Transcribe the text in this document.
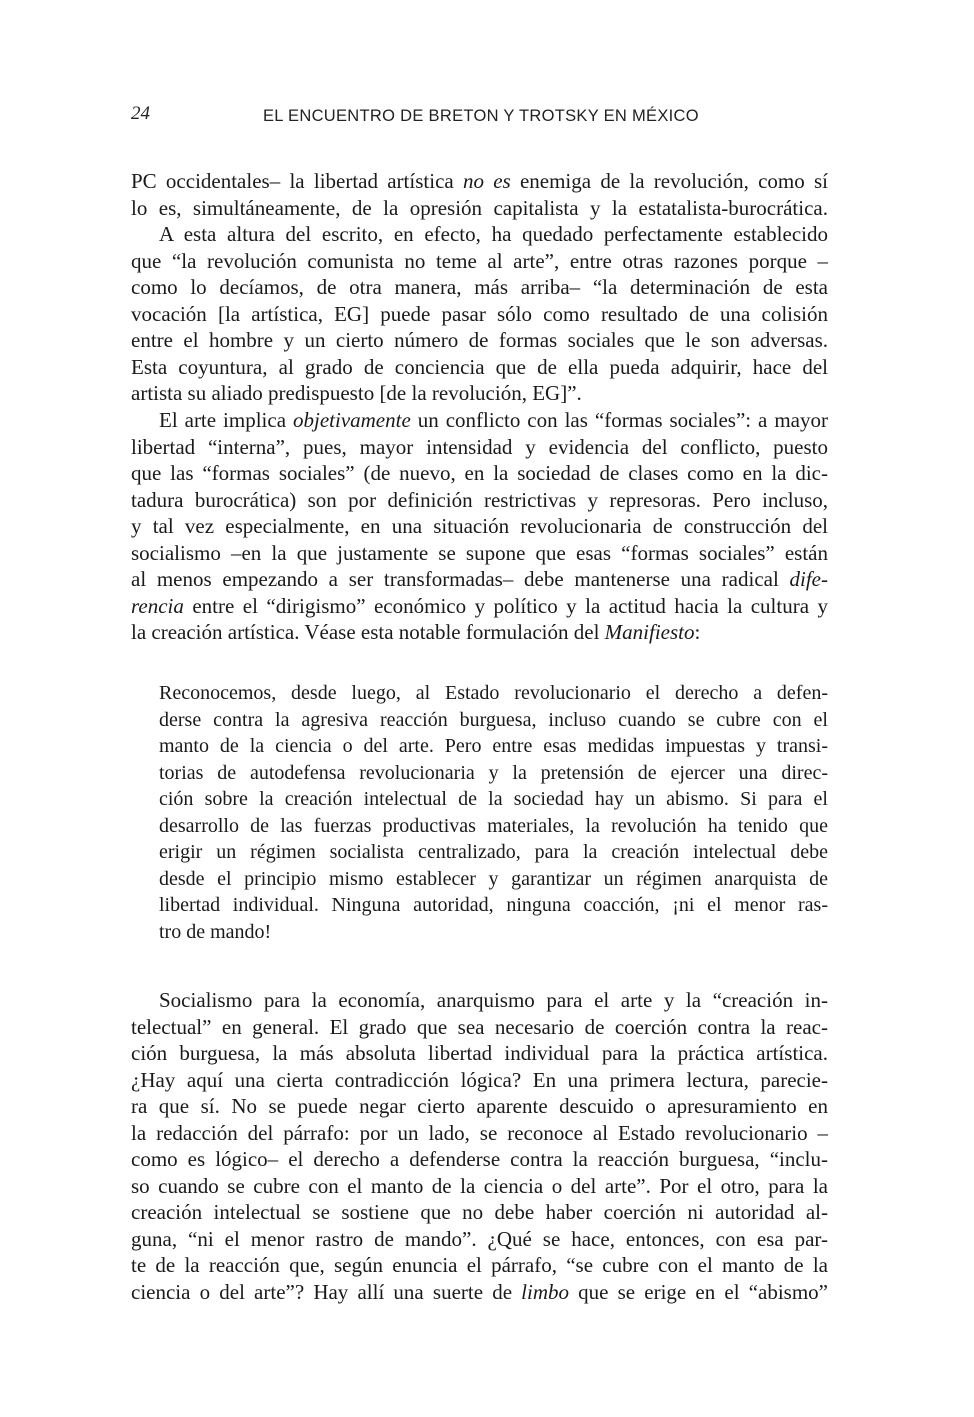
24	EL ENCUENTRO DE BRETON Y TROTSKY EN MÉXICO
PC occidentales– la libertad artística no es enemiga de la revolución, como sí
lo es, simultáneamente, de la opresión capitalista y la estatalista-burocrática.
A esta altura del escrito, en efecto, ha quedado perfectamente establecido
que “la revolución comunista no teme al arte”, entre otras razones porque –
como lo decíamos, de otra manera, más arriba– “la determinación de esta
vocación [la artística, EG] puede pasar sólo como resultado de una colisión
entre el hombre y un cierto número de formas sociales que le son adversas.
Esta coyuntura, al grado de conciencia que de ella pueda adquirir, hace del
artista su aliado predispuesto [de la revolución, EG]”.
El arte implica objetivamente un conflicto con las “formas sociales”: a mayor
libertad “interna”, pues, mayor intensidad y evidencia del conflicto, puesto
que las “formas sociales” (de nuevo, en la sociedad de clases como en la dic-
tadura burocrática) son por definición restrictivas y represoras. Pero incluso,
y tal vez especialmente, en una situación revolucionaria de construcción del
socialismo –en la que justamente se supone que esas “formas sociales” están
al menos empezando a ser transformadas– debe mantenerse una radical dife-
rencia entre el “dirigismo” económico y político y la actitud hacia la cultura y
la creación artística. Véase esta notable formulación del Manifiesto:
Reconocemos, desde luego, al Estado revolucionario el derecho a defen-
derse contra la agresiva reacción burguesa, incluso cuando se cubre con el
manto de la ciencia o del arte. Pero entre esas medidas impuestas y transi-
torias de autodefensa revolucionaria y la pretensión de ejercer una direc-
ción sobre la creación intelectual de la sociedad hay un abismo. Si para el
desarrollo de las fuerzas productivas materiales, la revolución ha tenido que
erigir un régimen socialista centralizado, para la creación intelectual debe
desde el principio mismo establecer y garantizar un régimen anarquista de
libertad individual. Ninguna autoridad, ninguna coacción, ¡ni el menor ras-
tro de mando!
Socialismo para la economía, anarquismo para el arte y la “creación in-
telectual” en general. El grado que sea necesario de coerción contra la reac-
ción burguesa, la más absoluta libertad individual para la práctica artística.
¿Hay aquí una cierta contradicción lógica? En una primera lectura, parecie-
ra que sí. No se puede negar cierto aparente descuido o apresuramiento en
la redacción del párrafo: por un lado, se reconoce al Estado revolucionario –
como es lógico– el derecho a defenderse contra la reacción burguesa, “inclu-
so cuando se cubre con el manto de la ciencia o del arte”. Por el otro, para la
creación intelectual se sostiene que no debe haber coerción ni autoridad al-
guna, “ni el menor rastro de mando”. ¿Qué se hace, entonces, con esa par-
te de la reacción que, según enuncia el párrafo, “se cubre con el manto de la
ciencia o del arte”? Hay allí una suerte de limbo que se erige en el “abismo”
